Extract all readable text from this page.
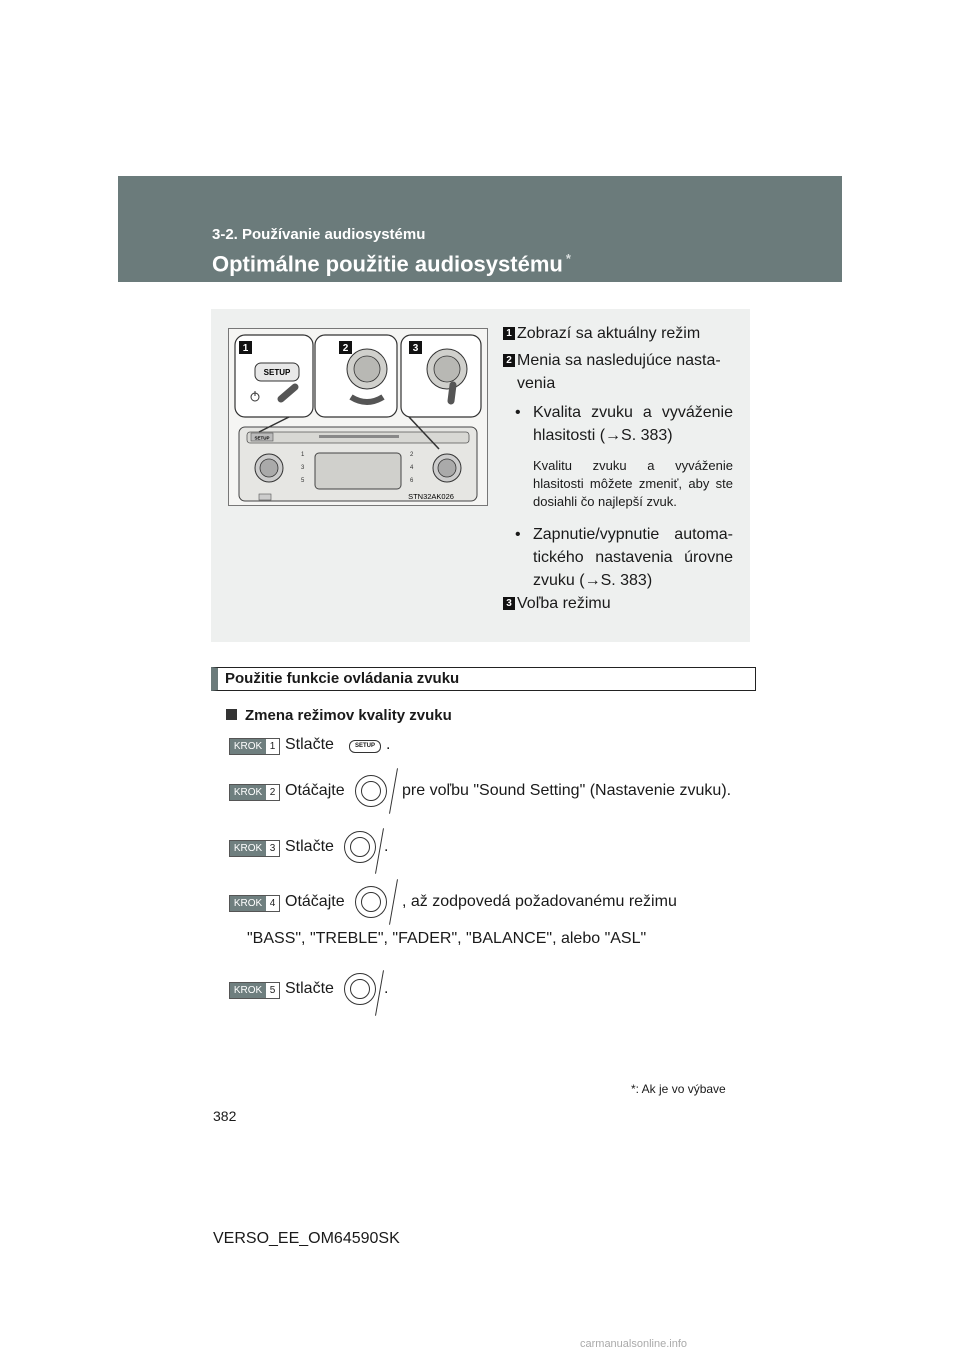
3-2. Používanie audiosystému
Optimálne použitie audiosystému *
SETUP
1
3
5
2
4
6
SETUP
1	2	3
STN32AK026
1 Zobrazí sa aktuálny režim
2 Menia sa nasledujúce nasta-venia
• Kvalita zvuku a vyváženie hlasitosti (→S. 383)
Kvalitu zvuku a vyváženie hlasitosti môžete zmeniť, aby ste dosiahli čo najlepší zvuk.
• Zapnutie/vypnutie automa-tického nastavenia úrovne zvuku (→S. 383)
3 Voľba režimu
Použitie funkcie ovládania zvuku
Zmena režimov kvality zvuku
KROK 1 Stlačte	SETUP .
KROK 2 Otáčajte	pre voľbu "Sound Setting" (Nastavenie zvuku).
KROK 3 Stlačte	.
KROK 4 Otáčajte	, až zodpovedá požadovanému režimu
"BASS", "TREBLE", "FADER", "BALANCE", alebo "ASL"
KROK 5 Stlačte	.
*: Ak je vo výbave
382
VERSO_EE_OM64590SK
carmanualsonline.info
